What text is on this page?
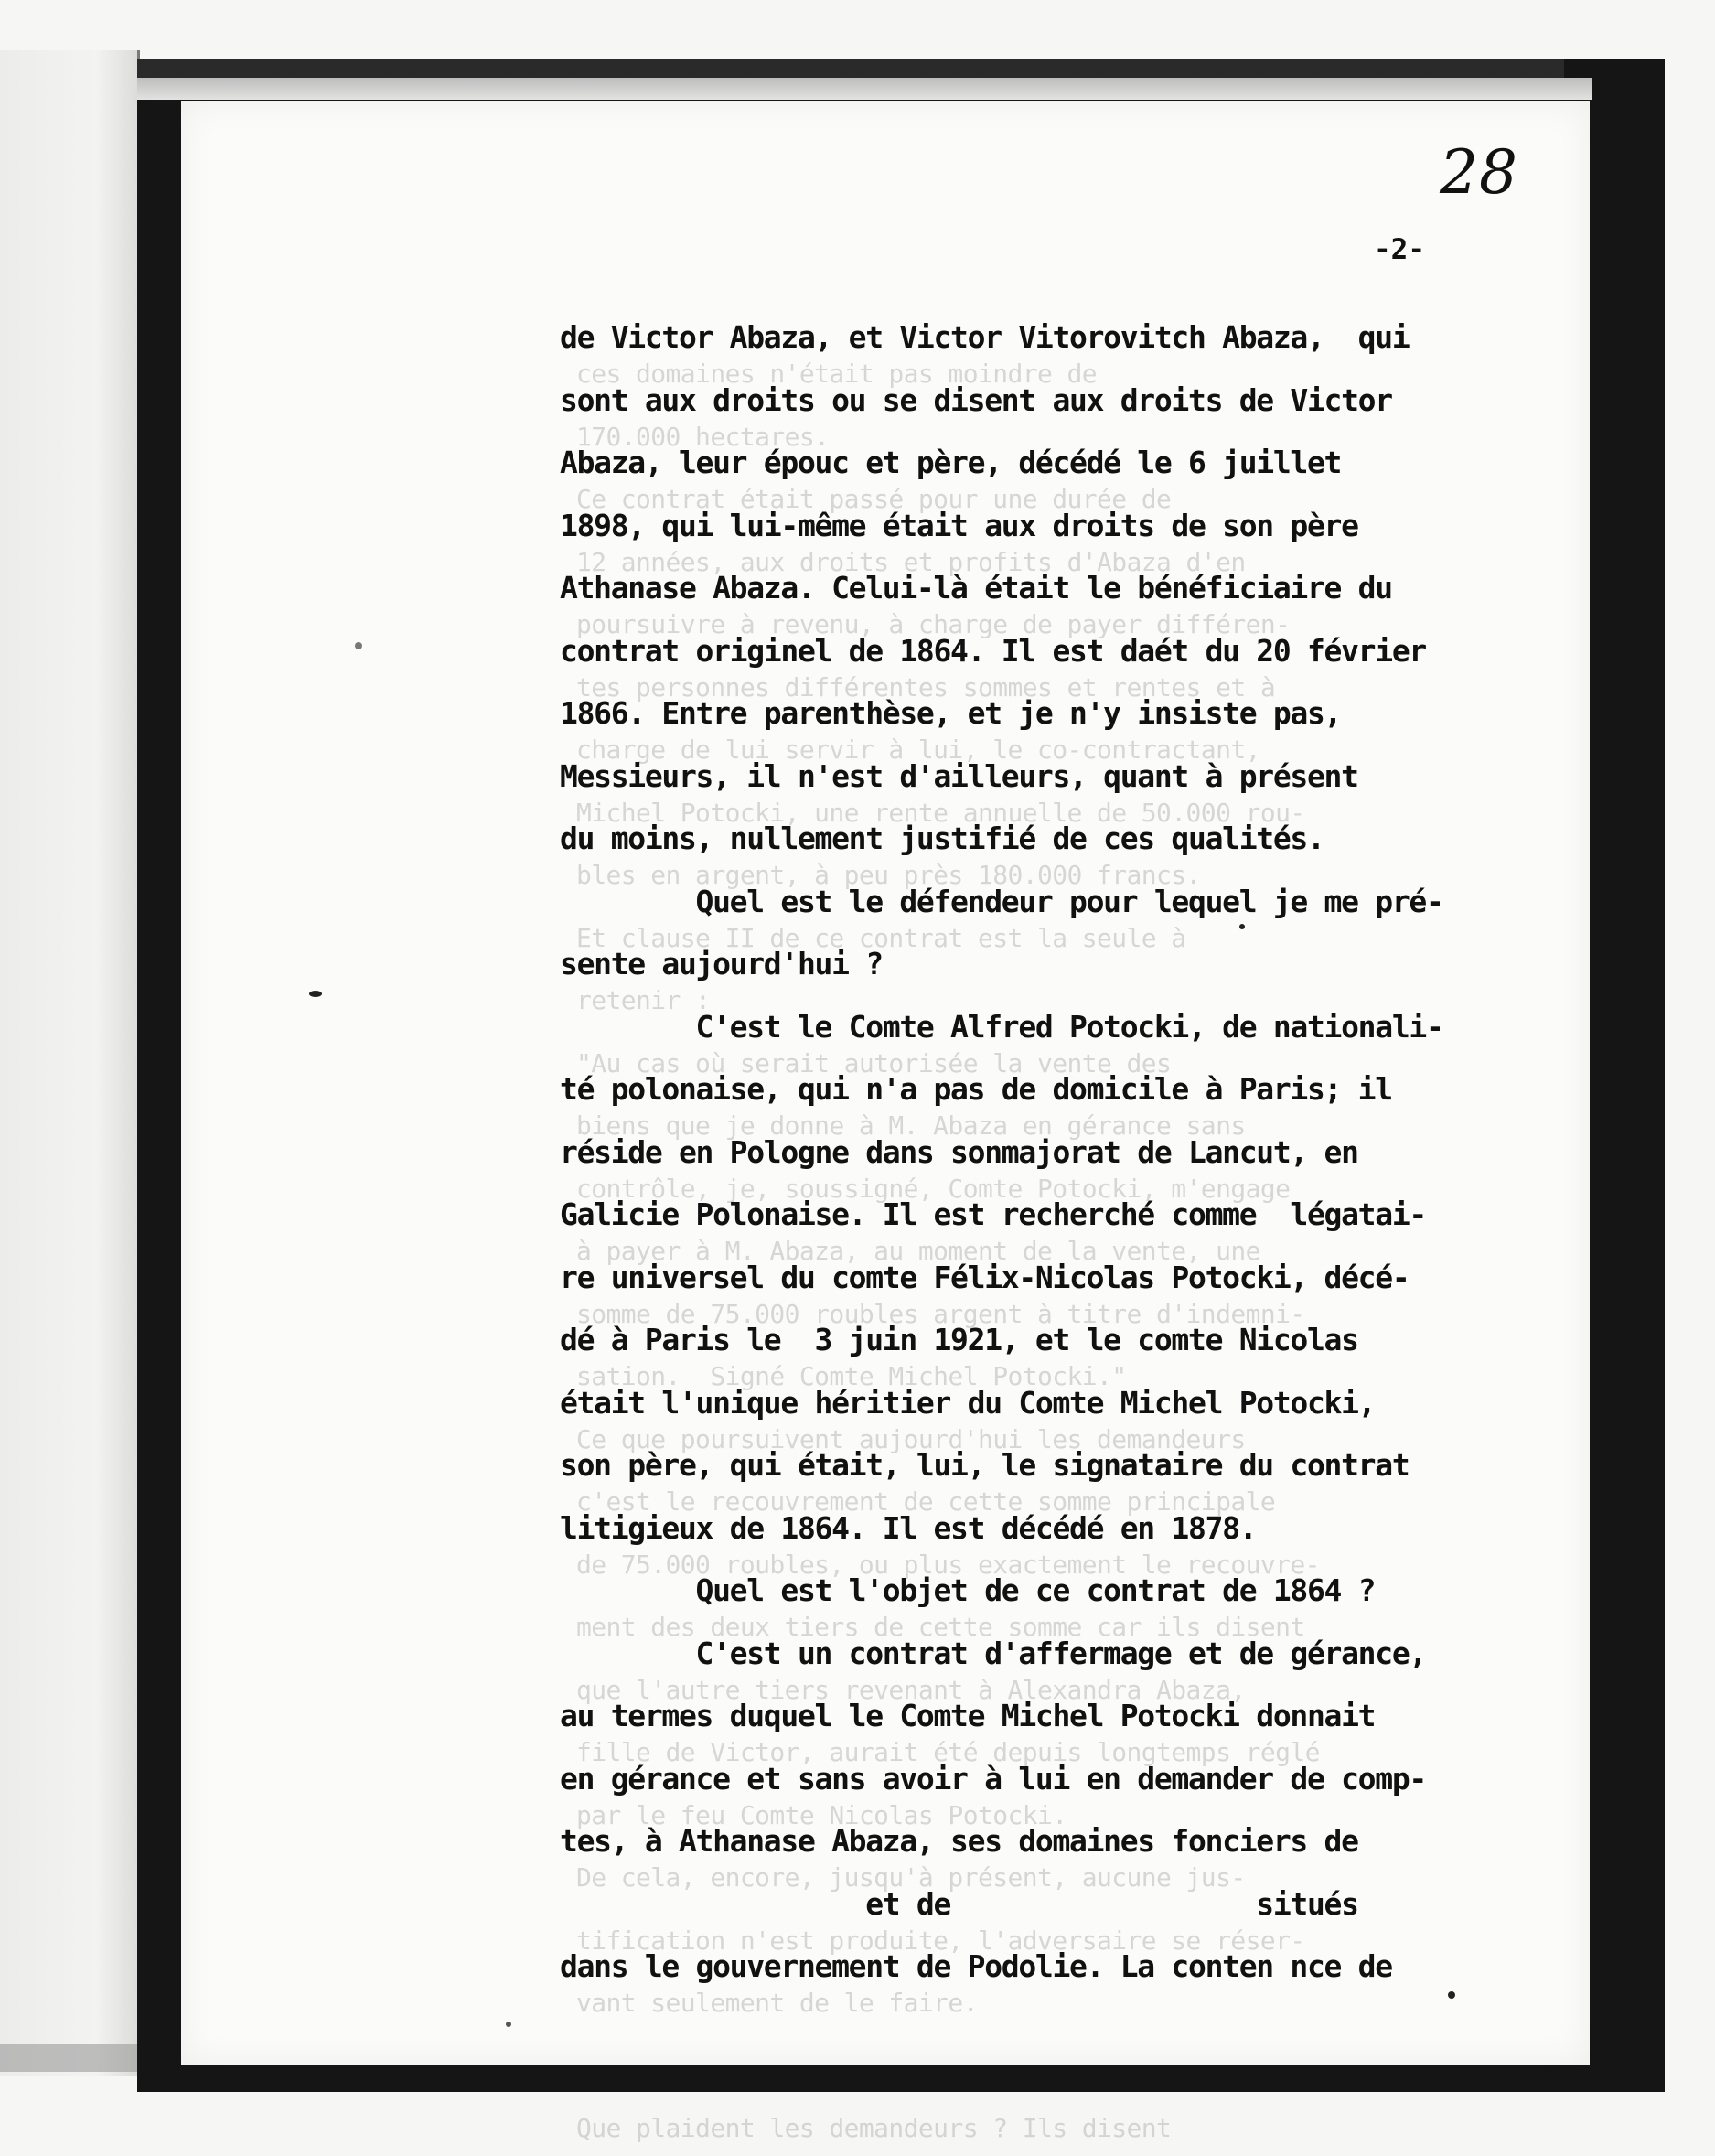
ces domaines n'était pas moindre de
170.000 hectares.
Ce contrat était passé pour une durée de
12 années, aux droits et profits d'Abaza d'en
poursuivre à revenu, à charge de payer différen-
tes personnes différentes sommes et rentes et à
charge de lui servir à lui, le co-contractant,
Michel Potocki, une rente annuelle de 50.000 rou-
bles en argent, à peu près 180.000 francs.
Et clause II de ce contrat est la seule à
retenir :
"Au cas où serait autorisée la vente des
biens que je donne à M. Abaza en gérance sans
contrôle, je, soussigné, Comte Potocki, m'engage
à payer à M. Abaza, au moment de la vente, une
somme de 75.000 roubles argent à titre d'indemni-
sation.  Signé Comte Michel Potocki."
Ce que poursuivent aujourd'hui les demandeurs
c'est le recouvrement de cette somme principale
de 75.000 roubles, ou plus exactement le recouvre-
ment des deux tiers de cette somme car ils disent
que l'autre tiers revenant à Alexandra Abaza,
fille de Victor, aurait été depuis longtemps réglé
par le feu Comte Nicolas Potocki.
De cela, encore, jusqu'à présent, aucune jus-
tification n'est produite, l'adversaire se réser-
vant seulement de le faire.
Que plaident les demandeurs ? Ils disent
28
-2-
de Victor Abaza, et Victor Vitorovitch Abaza,  qui
sont aux droits ou se disent aux droits de Victor
Abaza, leur épouc et père, décédé le 6 juillet
1898, qui lui-même était aux droits de son père
Athanase Abaza. Celui-là était le bénéficiaire du
contrat originel de 1864. Il est daét du 20 février
1866. Entre parenthèse, et je n'y insiste pas,
Messieurs, il n'est d'ailleurs, quant à présent
du moins, nullement justifié de ces qualités.
Quel est le défendeur pour lequel je me pré-
sente aujourd'hui ?
C'est le Comte Alfred Potocki, de nationali-
té polonaise, qui n'a pas de domicile à Paris; il
réside en Pologne dans sonmajorat de Lancut, en
Galicie Polonaise. Il est recherché comme  légatai-
re universel du comte Félix-Nicolas Potocki, décé-
dé à Paris le  3 juin 1921, et le comte Nicolas
était l'unique héritier du Comte Michel Potocki,
son père, qui était, lui, le signataire du contrat
litigieux de 1864. Il est décédé en 1878.
Quel est l'objet de ce contrat de 1864 ?
C'est un contrat d'affermage et de gérance,
au termes duquel le Comte Michel Potocki donnait
en gérance et sans avoir à lui en demander de comp-
tes, à Athanase Abaza, ses domaines fonciers de
et de                  situés
dans le gouvernement de Podolie. La conten nce de
